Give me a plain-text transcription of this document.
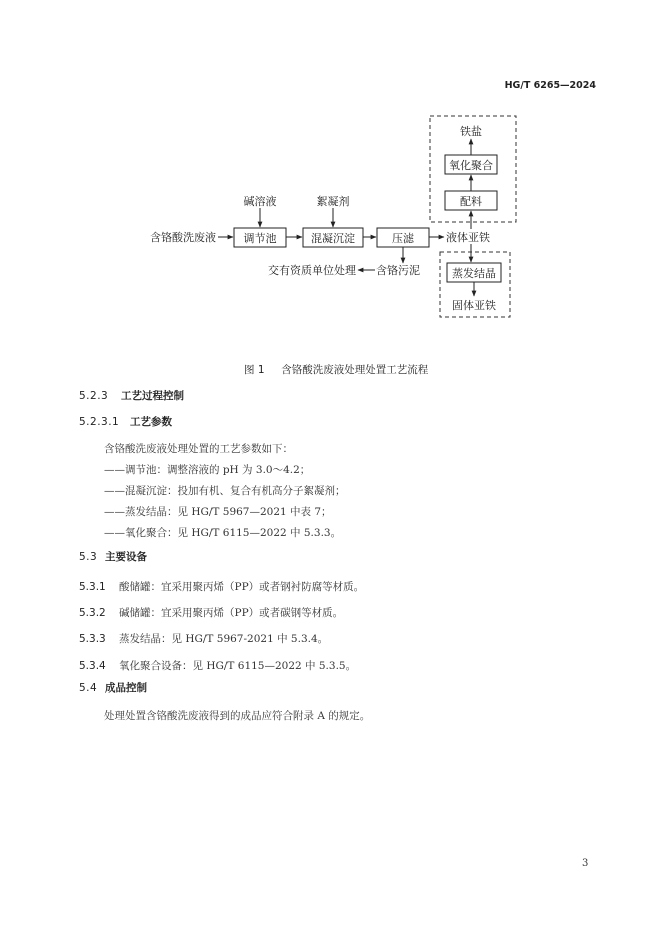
HG/T 6265—2024
含铬酸洗废液	调节池	混凝沉淀	压滤	液体亚铁
碱溶液	絮凝剂
含铬污泥
交有资质单位处理
配料
氧化聚合
铁盐
蒸发结晶
固体亚铁
图 1 含铬酸洗废液处理处置工艺流程
5.2.3 工艺过程控制
5.2.3.1 工艺参数
含铬酸洗废液处理处置的工艺参数如下：
——调节池：调整溶液的 pH 为 3.0～4.2；
——混凝沉淀：投加有机、复合有机高分子絮凝剂；
——蒸发结晶：见 HG/T 5967—2021 中表 7；
——氧化聚合：见 HG/T 6115—2022 中 5.3.3。
5.3 主要设备
5.3.1 酸储罐：宜采用聚丙烯（PP）或者钢衬防腐等材质。
5.3.2 碱储罐：宜采用聚丙烯（PP）或者碳钢等材质。
5.3.3 蒸发结晶：见 HG/T 5967-2021 中 5.3.4。
5.3.4 氧化聚合设备：见 HG/T 6115—2022 中 5.3.5。
5.4 成品控制
处理处置含铬酸洗废液得到的成品应符合附录 A 的规定。
3
